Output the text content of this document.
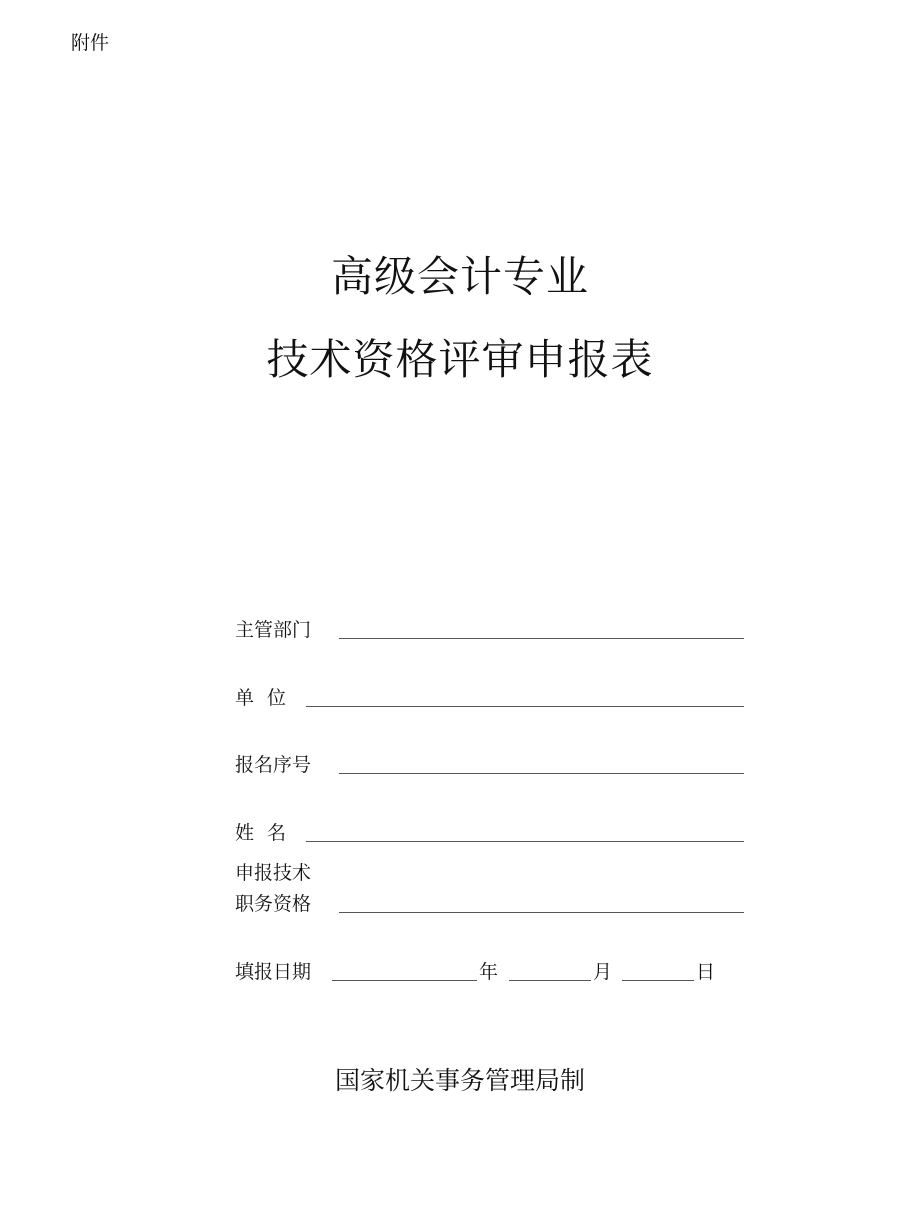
附件
高级会计专业
技术资格评审申报表
主管部门
单 位
报名序号
姓 名
申报技术
职务资格
填报日期	年	月	日
国家机关事务管理局制
